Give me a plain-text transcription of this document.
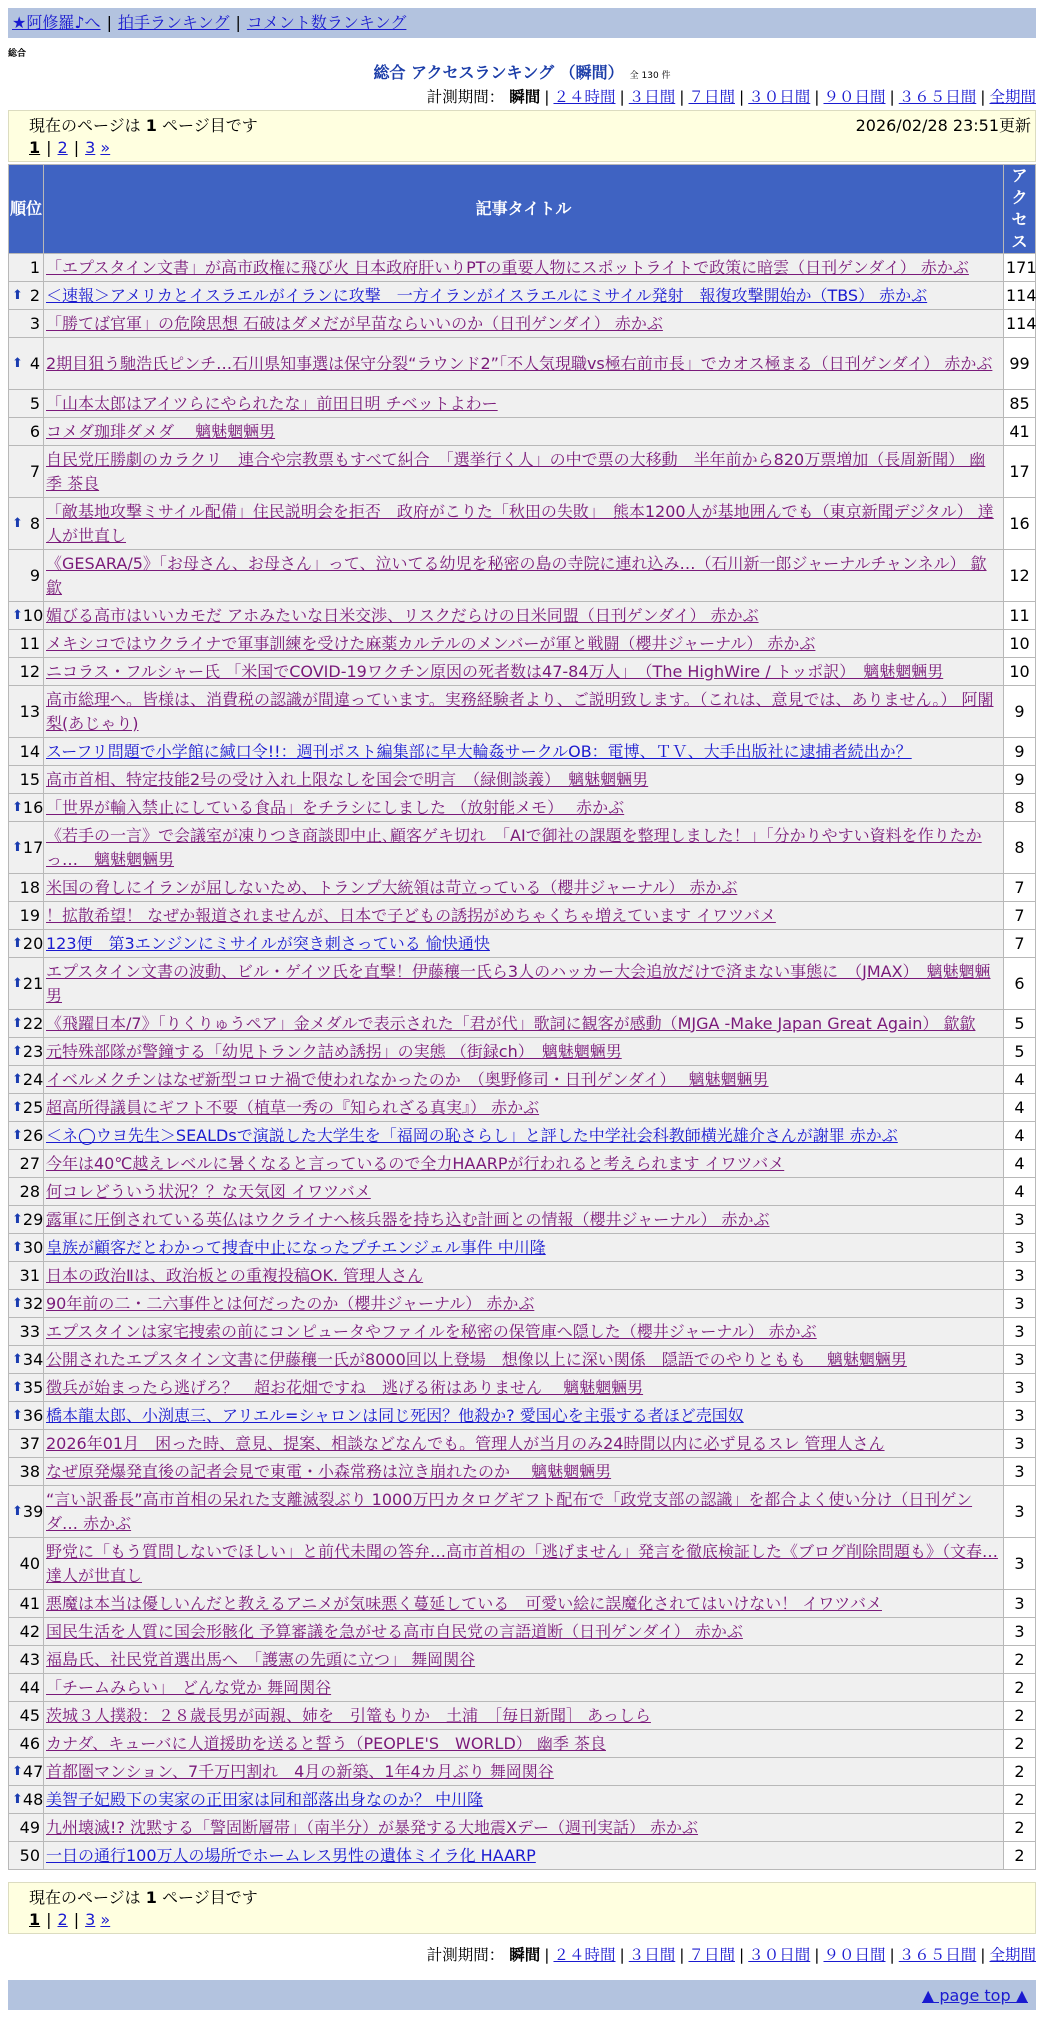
★阿修羅♪へ | 拍手ランキング | コメント数ランキング
総合
総合 アクセスランキング （瞬間） 全 130 件
計測期間： 瞬間 | ２４時間 | ３日間 | ７日間 | ３０日間 | ９０日間 | ３６５日間 | 全期間
現在のページは 1 ページ目です	2026/02/28 23:51更新
1 | 2 | 3 »
順位	記事タイトル	アクセス
1	「エプスタイン文書」が高市政権に飛び火 日本政府肝いりPTの重要人物にスポットライトで政策に暗雲（日刊ゲンダイ） 赤かぶ	171

⬆ 2	＜速報＞アメリカとイスラエルがイランに攻撃　一方イランがイスラエルにミサイル発射　報復攻撃開始か（TBS） 赤かぶ	114
3	「勝てば官軍」の危険思想 石破はダメだが早苗ならいいのか（日刊ゲンダイ） 赤かぶ	114

⬆ 4	2期目狙う馳浩氏ピンチ…石川県知事選は保守分裂“ラウンド2”「不人気現職vs極右前市長」でカオス極まる（日刊ゲンダイ） 赤かぶ	99
5	「山本太郎はアイツらにやられたな」前田日明 チベットよわー	85
6	コメダ珈琲ダメダ　 魑魅魍魎男	41
7	自民党圧勝劇のカラクリ　連合や宗教票もすべて糾合　「選挙行く人」の中で票の大移動　半年前から820万票増加（長周新聞） 幽季 茶良	17

⬆ 8	「敵基地攻撃ミサイル配備」住民説明会を拒否　政府がこりた「秋田の失敗」　熊本1200人が基地囲んでも（東京新聞デジタル） 達人が世直し	16
9	《GESARA/5》「お母さん、お母さん」って、泣いてる幼児を秘密の島の寺院に連れ込み…（石川新一郎ジャーナルチャンネル） 歙歙	12

⬆ 10	媚びる高市はいいカモだ アホみたいな日米交渉、リスクだらけの日米同盟（日刊ゲンダイ） 赤かぶ	11
11	メキシコではウクライナで軍事訓練を受けた麻薬カルテルのメンバーが軍と戦闘（櫻井ジャーナル） 赤かぶ	10
12	ニコラス・フルシャー氏 「米国でCOVID-19ワクチン原因の死者数は47-84万人」　（The HighWire / トッポ訳）　魑魅魍魎男	10
13	高市総理へ。皆様は、消費税の認識が間違っています。実務経験者より、ご説明致します。（これは、意見では、ありません。） 阿闍梨(あじゃり)	9
14	スーフリ問題で小学館に緘口令!!：週刊ポスト編集部に早大輪姦サークルOB：電博、ＴＶ、大手出版社に逮捕者続出か？	9
15	高市首相、特定技能2号の受け入れ上限なしを国会で明言　（緑側談義）　魑魅魍魎男	9

⬆ 16	「世界が輸入禁止にしている食品」をチラシにしました （放射能メモ）　 赤かぶ	8

⬆ 17	《若手の一言》で会議室が凍りつき商談即中止､顧客ゲキ切れ　「AIで御社の課題を整理しました！」｢分かりやすい資料を作りたかっ…　魑魅魍魎男	8
18	米国の脅しにイランが屈しないため、トランプ大統領は苛立っている（櫻井ジャーナル） 赤かぶ	7
19	！拡散希望！ なぜか報道されませんが、日本で子どもの誘拐がめちゃくちゃ増えています イワツバメ	7

⬆ 20	123便　第3エンジンにミサイルが突き刺さっている 愉快通快	7

⬆ 21	エプスタイン文書の波動、ビル・ゲイツ氏を直撃！伊藤穰一氏ら3人のハッカー大会追放だけで済まない事態に　（JMAX）　魑魅魍魎男	6

⬆ 22	《飛躍日本/7》「りくりゅうペア」金メダルで表示された「君が代」歌詞に観客が感動（MJGA -Make Japan Great Again） 歙歙	5

⬆ 23	元特殊部隊が警鐘する「幼児トランク詰め誘拐」の実態 （街録ch）　魑魅魍魎男	5

⬆ 24	イベルメクチンはなぜ新型コロナ禍で使われなかったのか　（奥野修司・日刊ゲンダイ）　 魑魅魍魎男	4

⬆ 25	超高所得議員にギフト不要（植草一秀の『知られざる真実』） 赤かぶ	4

⬆ 26	＜ネ◯ウヨ先生＞SEALDsで演説した大学生を「福岡の恥さらし」と評した中学社会科教師横光雄介さんが謝罪 赤かぶ	4
27	今年は40℃越えレベルに暑くなると言っているので全力HAARPが行われると考えられます イワツバメ	4
28	何コレどういう状況？？な天気図 イワツバメ	4

⬆ 29	露軍に圧倒されている英仏はウクライナへ核兵器を持ち込む計画との情報（櫻井ジャーナル） 赤かぶ	3

⬆ 30	皇族が顧客だとわかって捜査中止になったプチエンジェル事件 中川隆	3
31	日本の政治Ⅱは、政治板との重複投稿OK. 管理人さん	3

⬆ 32	90年前の二・二六事件とは何だったのか（櫻井ジャーナル） 赤かぶ	3
33	エプスタインは家宅捜索の前にコンピュータやファイルを秘密の保管庫へ隠した（櫻井ジャーナル） 赤かぶ	3

⬆ 34	公開されたエプスタイン文書に伊藤穰一氏が8000回以上登場　想像以上に深い関係　隠語でのやりともも　 魑魅魍魎男	3

⬆ 35	徴兵が始まったら逃げろ？　超お花畑ですね　逃げる術はありません　 魑魅魍魎男	3

⬆ 36	橋本龍太郎、小渕恵三、アリエル=シャロンは同じ死因？他殺か? 愛国心を主張する者ほど売国奴	3
37	2026年01月　困った時、意見、提案、相談などなんでも。管理人が当月のみ24時間以内に必ず見るスレ 管理人さん	3
38	なぜ原発爆発直後の記者会見で東電・小森常務は泣き崩れたのか　 魑魅魍魎男	3

⬆ 39	“言い訳番長”高市首相の呆れた支離滅裂ぶり 1000万円カタログギフト配布で「政党支部の認識」を都合よく使い分け（日刊ゲンダ… 赤かぶ	3
40	野党に「もう質問しないでほしい」と前代未聞の答弁…高市首相の「逃げません」発言を徹底検証した《ブログ削除問題も》（文春… 達人が世直し	3
41	悪魔は本当は優しいんだと教えるアニメが気味悪く蔓延している　可愛い絵に誤魔化されてはいけない！ イワツバメ	3
42	国民生活を人質に国会形骸化 予算審議を急がせる高市自民党の言語道断（日刊ゲンダイ） 赤かぶ	3
43	福島氏、社民党首選出馬へ　「護憲の先頭に立つ」 舞岡関谷	2
44	「チームみらい」　どんな党か 舞岡関谷	2
45	茨城３人撲殺：２８歳長男が両親、姉を　引篭もりか　土浦　［毎日新聞］ あっしら	2
46	カナダ、キューバに人道援助を送ると誓う（PEOPLE'S　WORLD） 幽季 茶良	2

⬆ 47	首都圏マンション、7千万円割れ　4月の新築、1年4カ月ぶり 舞岡関谷	2

⬆ 48	美智子妃殿下の実家の正田家は同和部落出身なのか？ 中川隆	2
49	九州壊滅!? 沈黙する「警固断層帯」（南半分）が暴発する大地震Xデー（週刊実話） 赤かぶ	2
50	一日の通行100万人の場所でホームレス男性の遺体ミイラ化 HAARP	2
現在のページは 1 ページ目です
1 | 2 | 3 »
計測期間： 瞬間 | ２４時間 | ３日間 | ７日間 | ３０日間 | ９０日間 | ３６５日間 | 全期間
▲ page top ▲
